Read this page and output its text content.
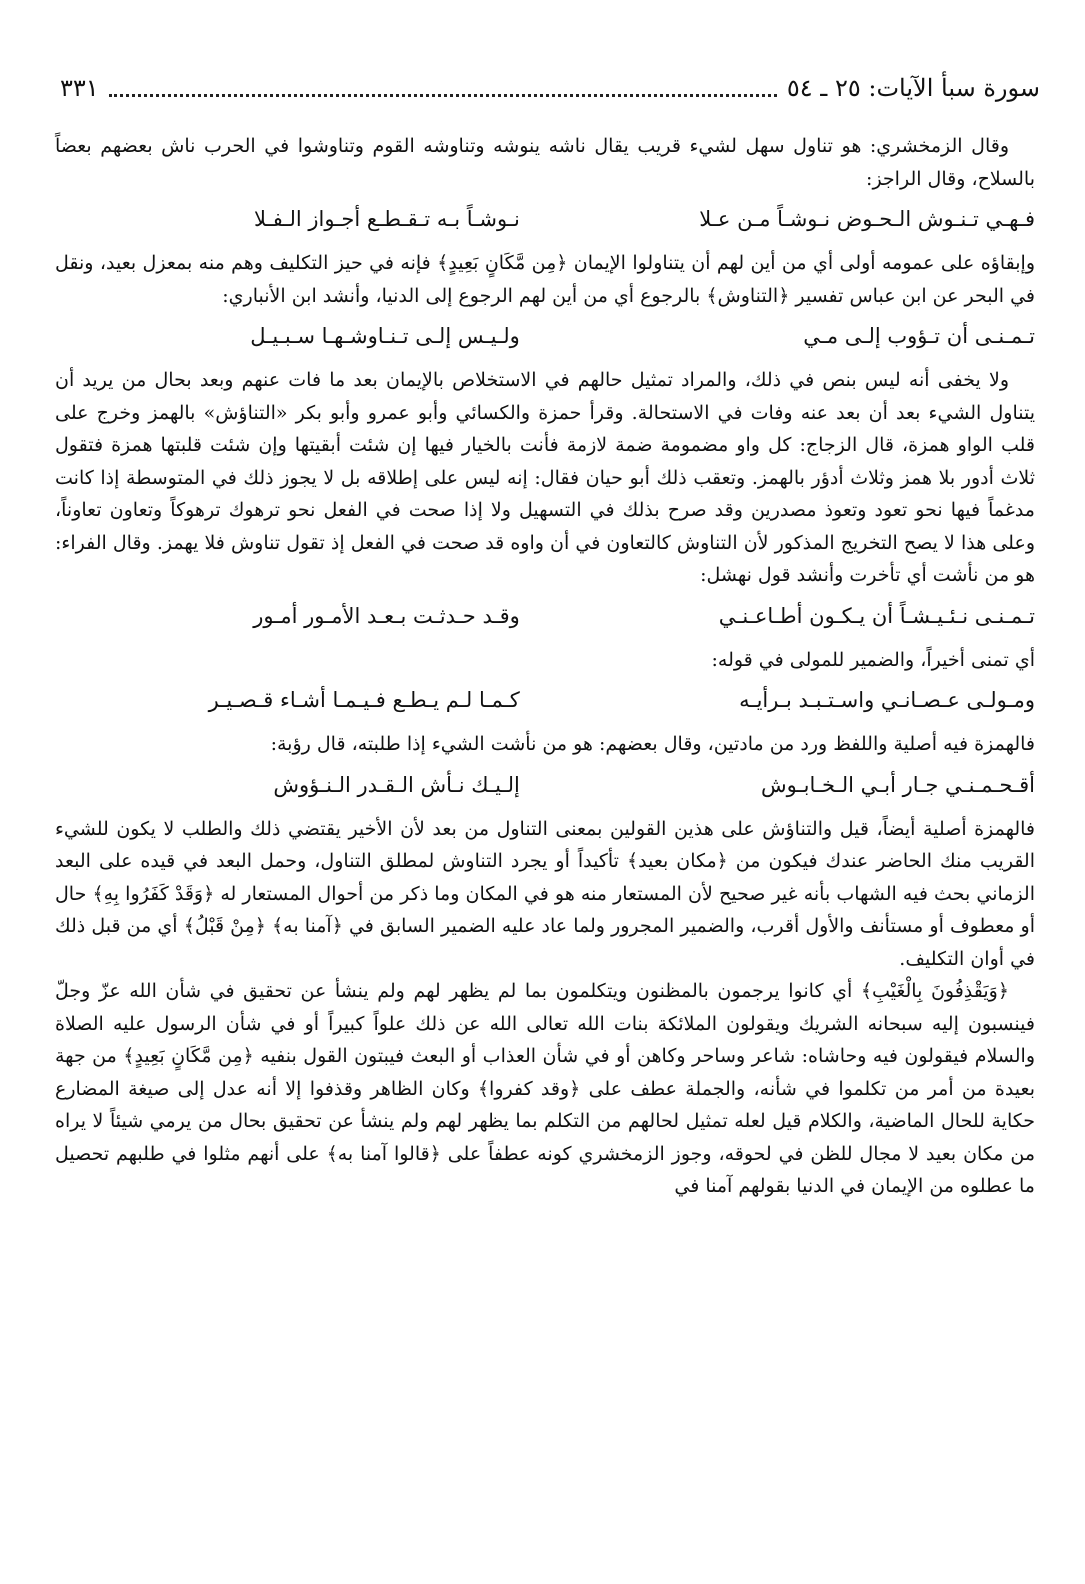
سورة سبأ الآيات: ٢٥ ـ ٥٤
٣٣١

وقال الزمخشري: هو تناول سهل لشيء قريب يقال ناشه ينوشه وتناوشه القوم وتناوشوا في الحرب ناش بعضهم بعضاً بالسلاح، وقال الراجز:

فـهـي تـنـوش الـحـوض نـوشـاً مـن عـلا
نـوشـاً بـه تـقـطـع أجـواز الـفـلا

وإبقاؤه على عمومه أولى أي من أين لهم أن يتناولوا الإيمان ﴿مِن مَّكَانٍ بَعِيدٍ﴾ فإنه في حيز التكليف وهم منه بمعزل بعيد، ونقل في البحر عن ابن عباس تفسير ﴿التناوش﴾ بالرجوع أي من أين لهم الرجوع إلى الدنيا، وأنشد ابن الأنباري:

تـمـنـى أن تـؤوب إلـى مـي
ولـيـس إلـى تـنـاوشـهـا سـبـيـل

ولا يخفى أنه ليس بنص في ذلك، والمراد تمثيل حالهم في الاستخلاص بالإيمان بعد ما فات عنهم وبعد بحال من يريد أن يتناول الشيء بعد أن بعد عنه وفات في الاستحالة. وقرأ حمزة والكسائي وأبو عمرو وأبو بكر «التناؤش» بالهمز وخرج على قلب الواو همزة، قال الزجاج: كل واو مضمومة ضمة لازمة فأنت بالخيار فيها إن شئت أبقيتها وإن شئت قلبتها همزة فتقول ثلاث أدور بلا همز وثلاث أدؤر بالهمز. وتعقب ذلك أبو حيان فقال: إنه ليس على إطلاقه بل لا يجوز ذلك في المتوسطة إذا كانت مدغماً فيها نحو تعود وتعوذ مصدرين وقد صرح بذلك في التسهيل ولا إذا صحت في الفعل نحو ترهوك ترهوكاً وتعاون تعاوناً، وعلى هذا لا يصح التخريج المذكور لأن التناوش كالتعاون في أن واوه قد صحت في الفعل إذ تقول تناوش فلا يهمز. وقال الفراء: هو من نأشت أي تأخرت وأنشد قول نهشل:

تـمـنـى نـئـيـشـاً أن يـكـون أطـاعـنـي
وقـد حـدثـت بـعـد الأمـور أمـور

أي تمنى أخيراً، والضمير للمولى في قوله:

ومـولـى عـصـانـي واسـتـبـد بـرأيـه
كـمـا لـم يـطـع فـيـمـا أشـاء قـصـيـر

فالهمزة فيه أصلية واللفظ ورد من مادتين، وقال بعضهم: هو من نأشت الشيء إذا طلبته، قال رؤبة:

أقـحـمـنـي جـار أبـي الـخـابـوش
إلـيـك نـأش الـقـدر الـنـؤوش

فالهمزة أصلية أيضاً، قيل والتناؤش على هذين القولين بمعنى التناول من بعد لأن الأخير يقتضي ذلك والطلب لا يكون للشيء القريب منك الحاضر عندك فيكون من ﴿مكان بعيد﴾ تأكيداً أو يجرد التناوش لمطلق التناول، وحمل البعد في قيده على البعد الزماني بحث فيه الشهاب بأنه غير صحيح لأن المستعار منه هو في المكان وما ذكر من أحوال المستعار له ﴿وَقَدْ كَفَرُوا بِهِ﴾ حال أو معطوف أو مستأنف والأول أقرب، والضمير المجرور ولما عاد عليه الضمير السابق في ﴿آمنا به﴾ ﴿مِنْ قَبْلُ﴾ أي من قبل ذلك في أوان التكليف.

﴿وَيَقْذِفُونَ بِالْغَيْبِ﴾ أي كانوا يرجمون بالمظنون ويتكلمون بما لم يظهر لهم ولم ينشأ عن تحقيق في شأن الله عزّ وجلّ فينسبون إليه سبحانه الشريك ويقولون الملائكة بنات الله تعالى الله عن ذلك علواً كبيراً أو في شأن الرسول عليه الصلاة والسلام فيقولون فيه وحاشاه: شاعر وساحر وكاهن أو في شأن العذاب أو البعث فيبتون القول بنفيه ﴿مِن مَّكَانٍ بَعِيدٍ﴾ من جهة بعيدة من أمر من تكلموا في شأنه، والجملة عطف على ﴿وقد كفروا﴾ وكان الظاهر وقذفوا إلا أنه عدل إلى صيغة المضارع حكاية للحال الماضية، والكلام قيل لعله تمثيل لحالهم من التكلم بما يظهر لهم ولم ينشأ عن تحقيق بحال من يرمي شيئاً لا يراه من مكان بعيد لا مجال للظن في لحوقه، وجوز الزمخشري كونه عطفاً على ﴿قالوا آمنا به﴾ على أنهم مثلوا في طلبهم تحصيل ما عطلوه من الإيمان في الدنيا بقولهم آمنا في
